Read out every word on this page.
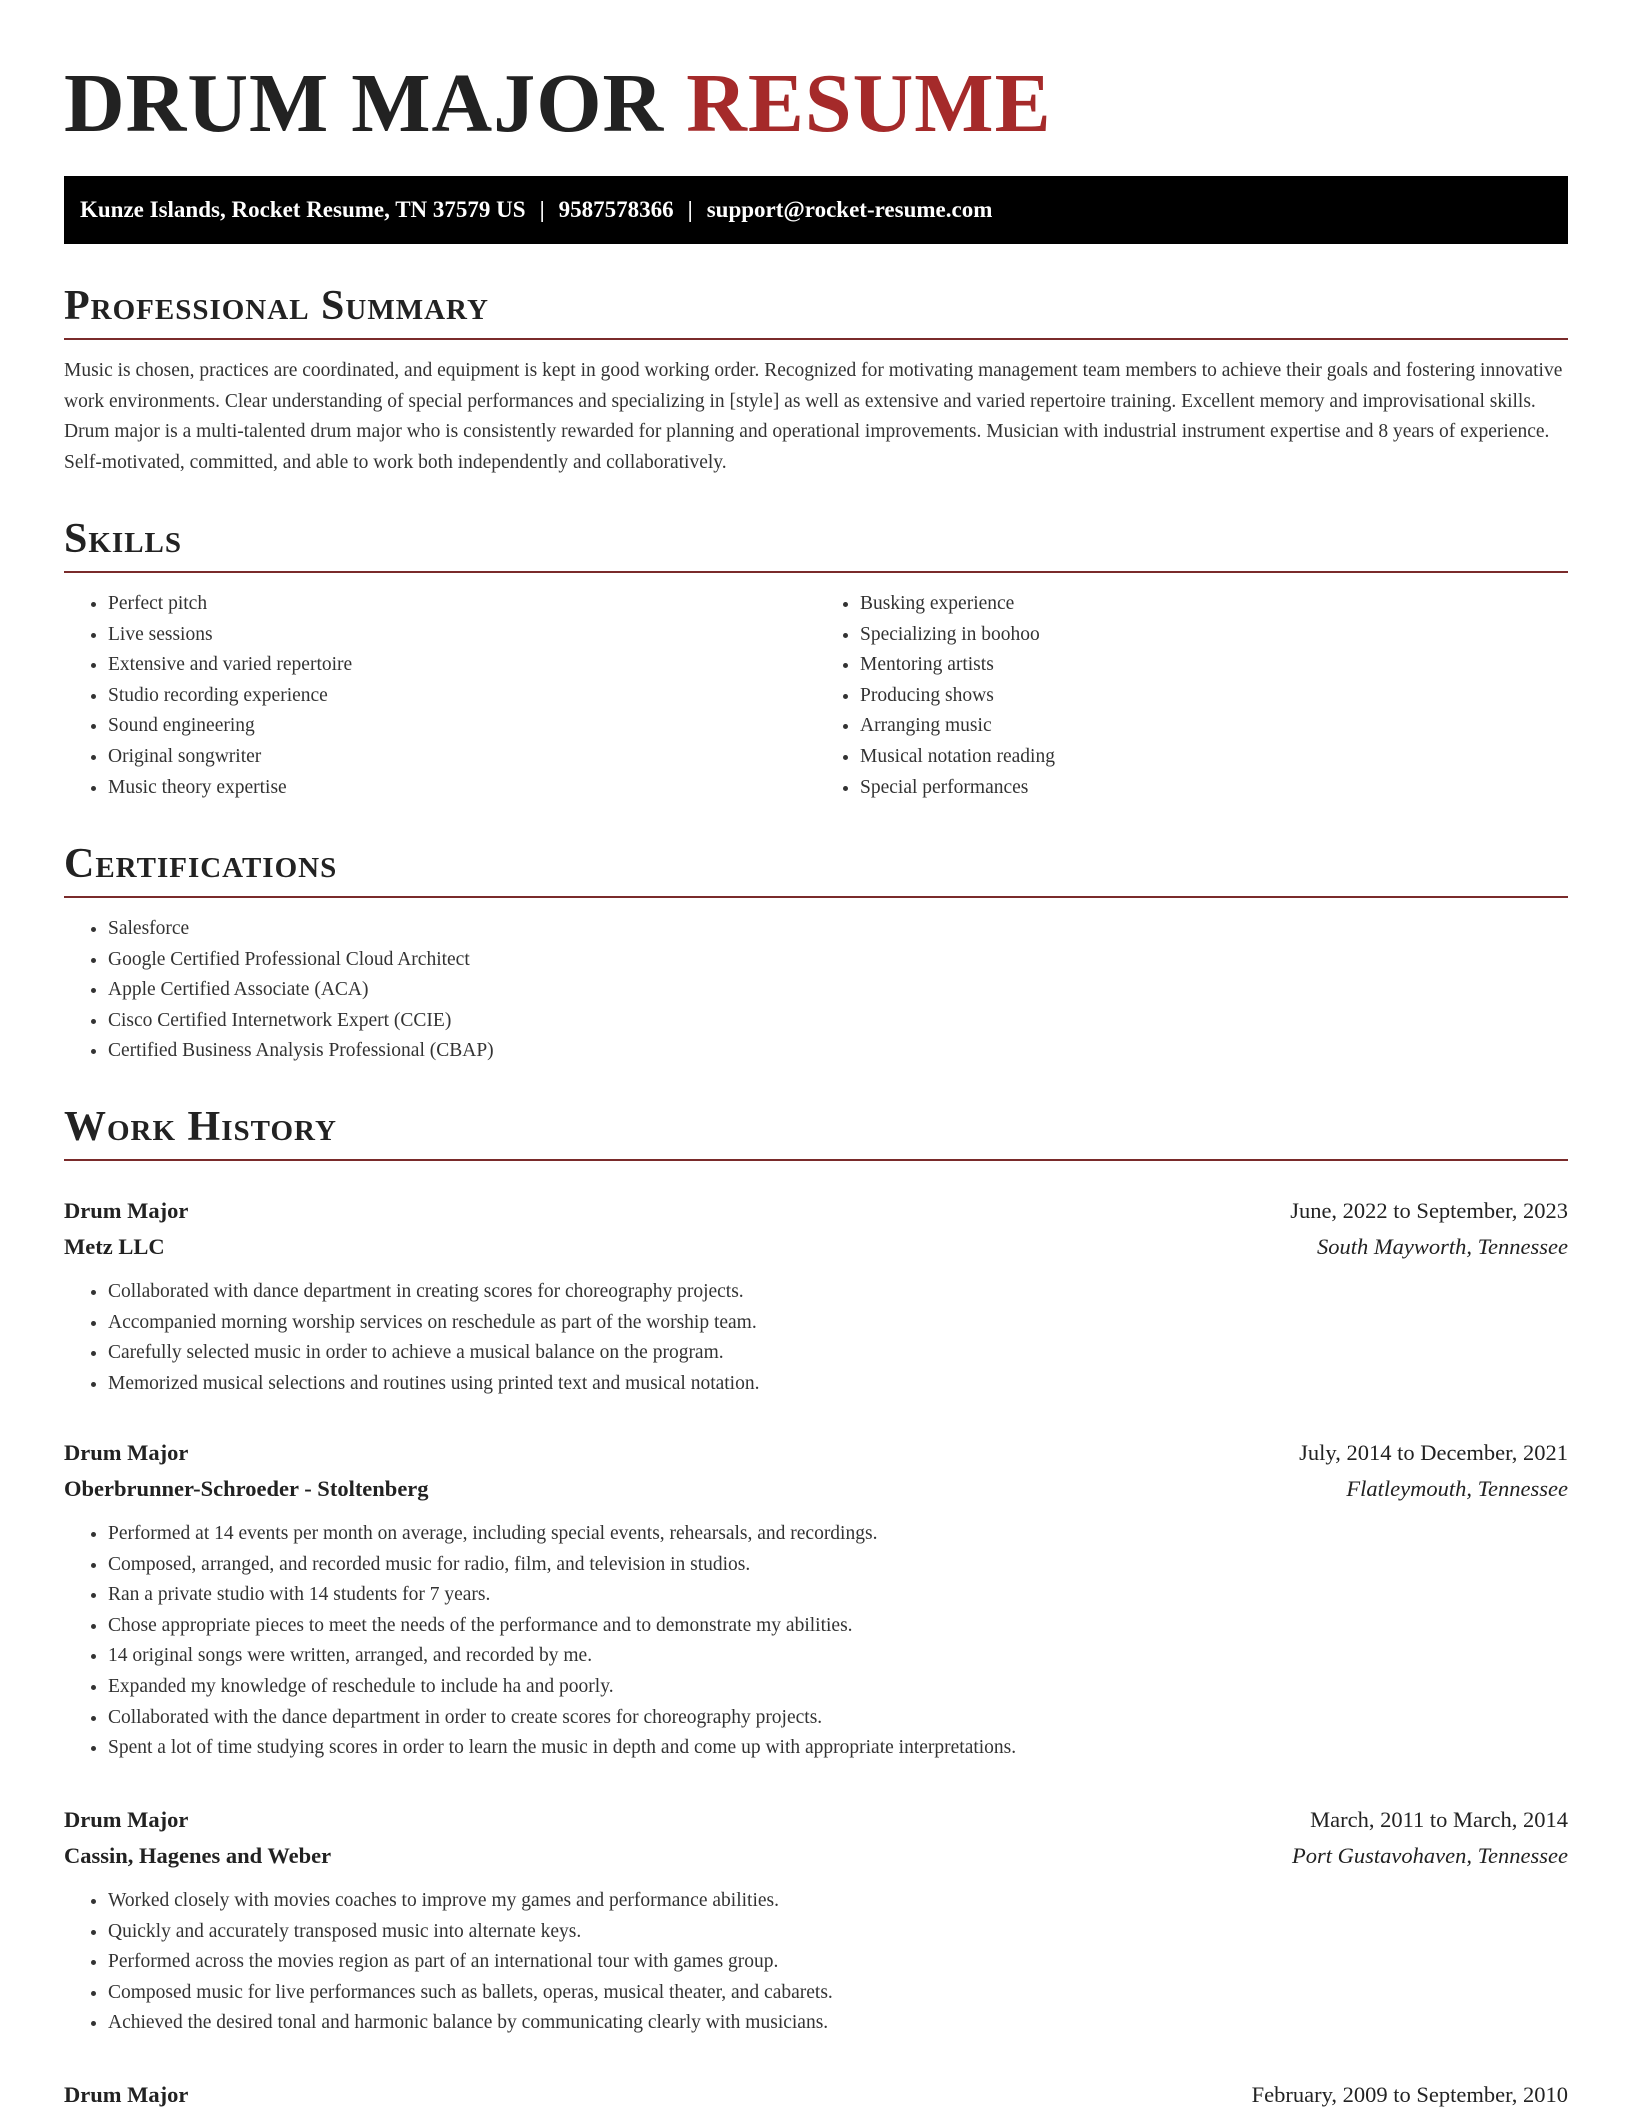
DRUM MAJOR RESUME
Kunze Islands, Rocket Resume, TN 37579 US | 9587578366 | support@rocket-resume.com
Professional Summary

Music is chosen, practices are coordinated, and equipment is kept in good working order. Recognized for motivating management team members to achieve their goals and fostering innovative work environments. Clear understanding of special performances and specializing in [style] as well as extensive and varied repertoire training. Excellent memory and improvisational skills. Drum major is a multi-talented drum major who is consistently rewarded for planning and operational improvements. Musician with industrial instrument expertise and 8 years of experience. Self-motivated, committed, and able to work both independently and collaboratively.

Skills
• Perfect pitch
• Live sessions
• Extensive and varied repertoire
• Studio recording experience
• Sound engineering
• Original songwriter
• Music theory expertise
• Busking experience
• Specializing in boohoo
• Mentoring artists
• Producing shows
• Arranging music
• Musical notation reading
• Special performances
Certifications
• Salesforce
• Google Certified Professional Cloud Architect
• Apple Certified Associate (ACA)
• Cisco Certified Internetwork Expert (CCIE)
• Certified Business Analysis Professional (CBAP)
Work History
Drum Major	June, 2022 to September, 2023
Metz LLC	South Mayworth, Tennessee
• Collaborated with dance department in creating scores for choreography projects.
• Accompanied morning worship services on reschedule as part of the worship team.
• Carefully selected music in order to achieve a musical balance on the program.
• Memorized musical selections and routines using printed text and musical notation.
Drum Major	July, 2014 to December, 2021
Oberbrunner-Schroeder - Stoltenberg	Flatleymouth, Tennessee
• Performed at 14 events per month on average, including special events, rehearsals, and recordings.
• Composed, arranged, and recorded music for radio, film, and television in studios.
• Ran a private studio with 14 students for 7 years.
• Chose appropriate pieces to meet the needs of the performance and to demonstrate my abilities.
• 14 original songs were written, arranged, and recorded by me.
• Expanded my knowledge of reschedule to include ha and poorly.
• Collaborated with the dance department in order to create scores for choreography projects.
• Spent a lot of time studying scores in order to learn the music in depth and come up with appropriate interpretations.
Drum Major	March, 2011 to March, 2014
Cassin, Hagenes and Weber	Port Gustavohaven, Tennessee
• Worked closely with movies coaches to improve my games and performance abilities.
• Quickly and accurately transposed music into alternate keys.
• Performed across the movies region as part of an international tour with games group.
• Composed music for live performances such as ballets, operas, musical theater, and cabarets.
• Achieved the desired tonal and harmonic balance by communicating clearly with musicians.
Drum Major	February, 2009 to September, 2010
